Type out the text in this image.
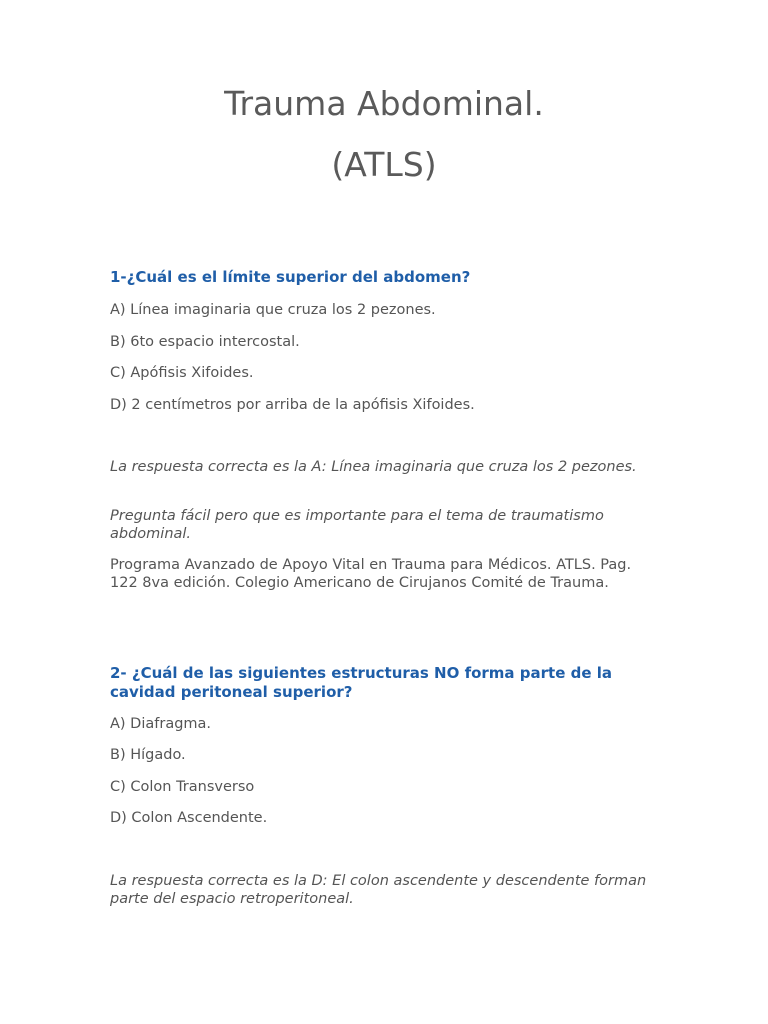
Trauma Abdominal.
(ATLS)

1-¿Cuál es el límite superior del abdomen?

A) Línea imaginaria que cruza los 2 pezones.

B) 6to espacio intercostal.

C) Apófisis Xifoides.

D) 2 centímetros por arriba de la apófisis Xifoides.

La respuesta correcta es la A: Línea imaginaria que cruza los 2 pezones.

Pregunta fácil pero que es importante para el tema de traumatismo abdominal.

Programa Avanzado de Apoyo Vital en Trauma para Médicos. ATLS. Pag. 122 8va edición. Colegio Americano de Cirujanos Comité de Trauma.

2- ¿Cuál de las siguientes estructuras NO forma parte de la cavidad peritoneal superior?

A) Diafragma.

B) Hígado.

C) Colon Transverso

D) Colon Ascendente.

La respuesta correcta es la D: El colon ascendente y descendente forman parte del espacio retroperitoneal.
